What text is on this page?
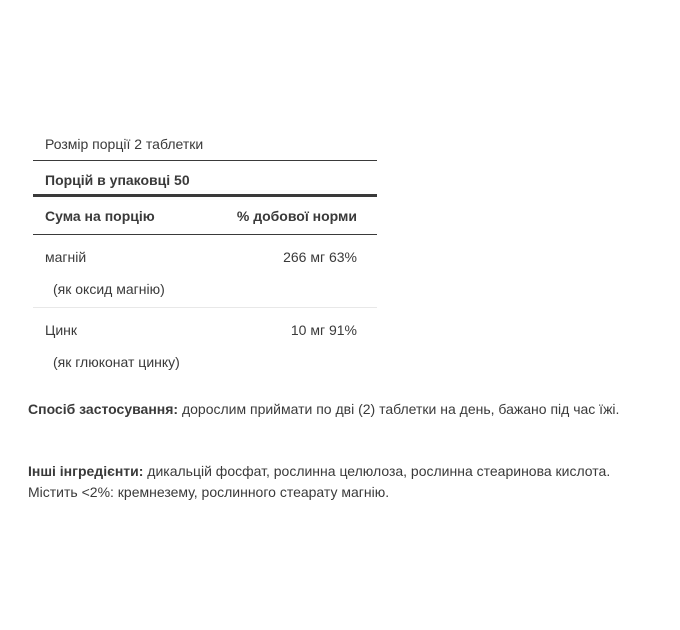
Розмір порції 2 таблетки
Порцій в упаковці 50
Сума на порцію	% добової норми
магній	266 мг 63%
(як оксид магнію)
Цинк	10 мг 91%
(як глюконат цинку)
Спосіб застосування: дорослим приймати по дві (2) таблетки на день, бажано під час їжі.
Інші інгредієнти: дикальцій фосфат, рослинна целюлоза, рослинна стеаринова кислота. Містить <2%: кремнезему, рослинного стеарату магнію.
